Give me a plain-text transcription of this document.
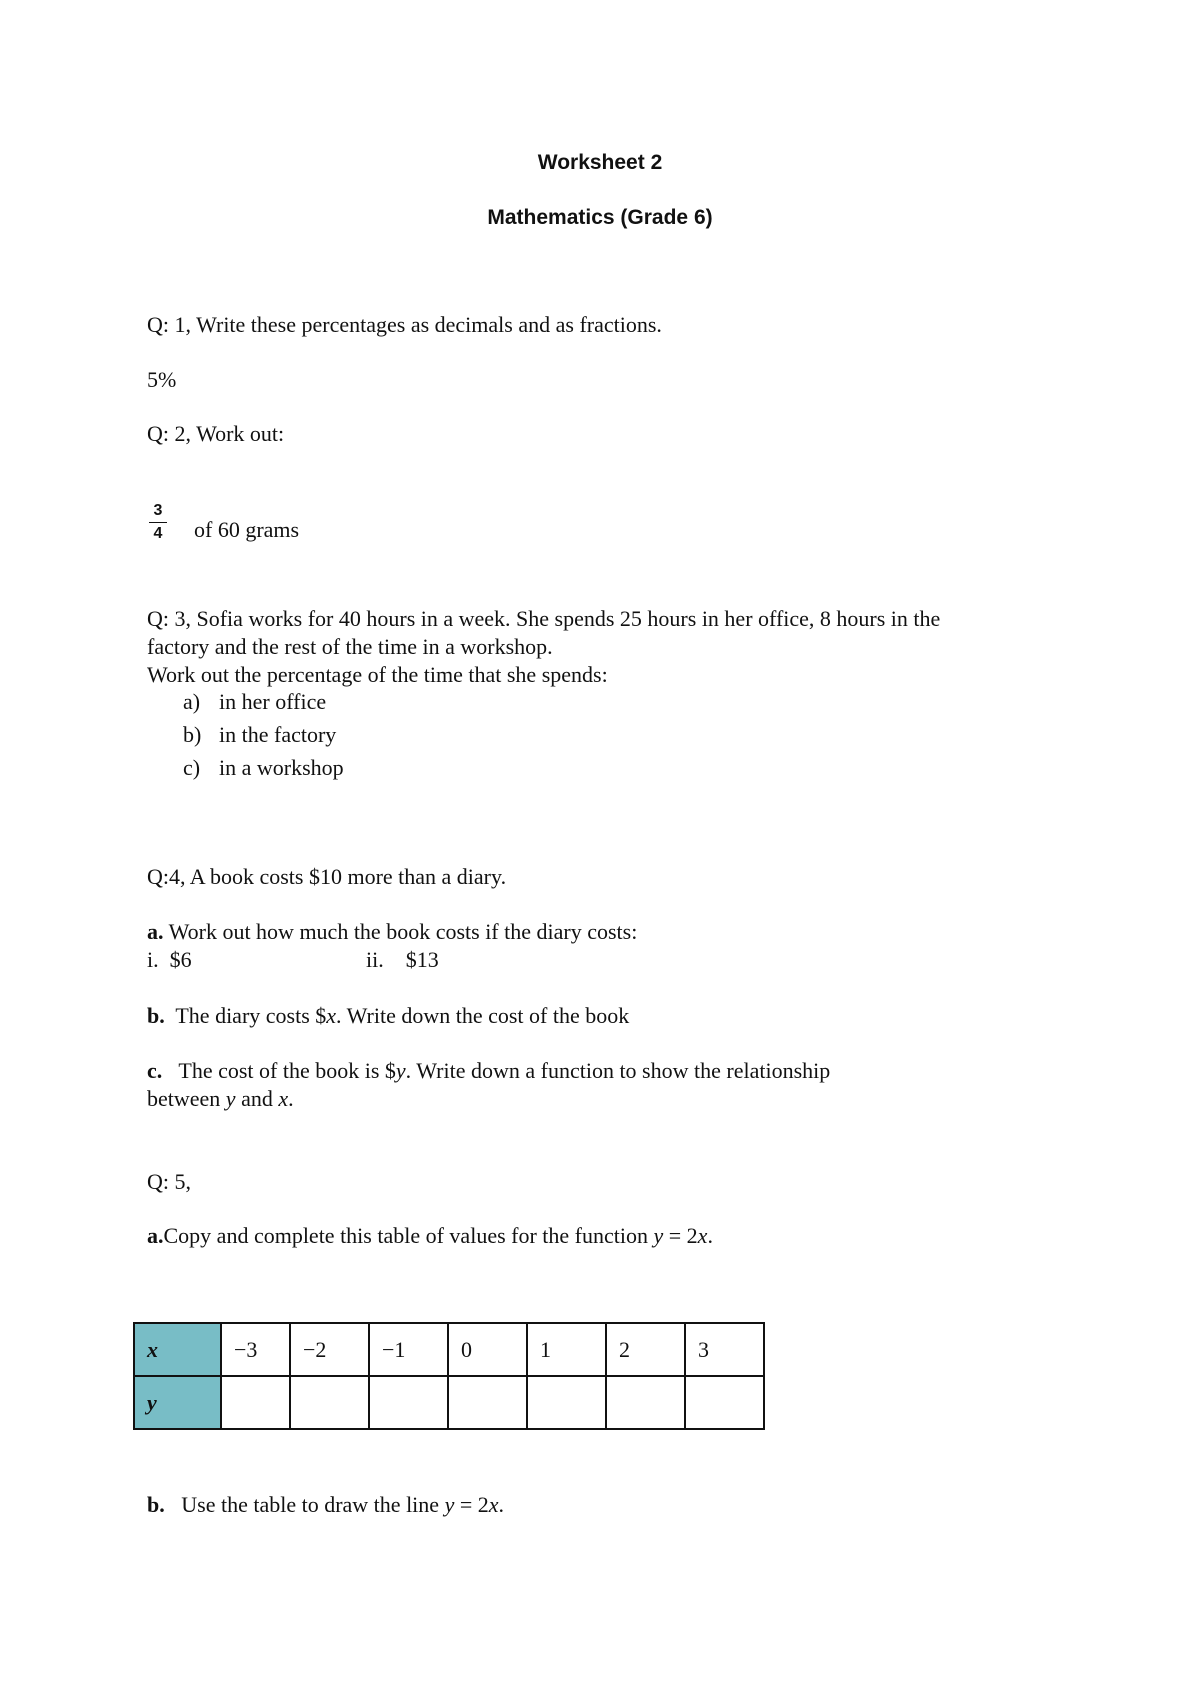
Worksheet 2
Mathematics (Grade 6)
Q: 1, Write these percentages as decimals and as fractions.
5%
Q: 2, Work out:
3
4 of 60 grams
Q: 3, Sofia works for 40 hours in a week. She spends 25 hours in her office, 8 hours in the
factory and the rest of the time in a workshop.
Work out the percentage of the time that she spends:
a) in her office
b) in the factory
c) in a workshop
Q:4, A book costs $10 more than a diary.
a. Work out how much the book costs if the diary costs:
i. $6	ii. $13
b. The diary costs $x. Write down the cost of the book
c. The cost of the book is $y. Write down a function to show the relationship
between y and x.
Q: 5,
a.Copy and complete this table of values for the function y = 2x.
x	−3	−2	−1	0	1	2	3
y							
b. Use the table to draw the line y = 2x.
